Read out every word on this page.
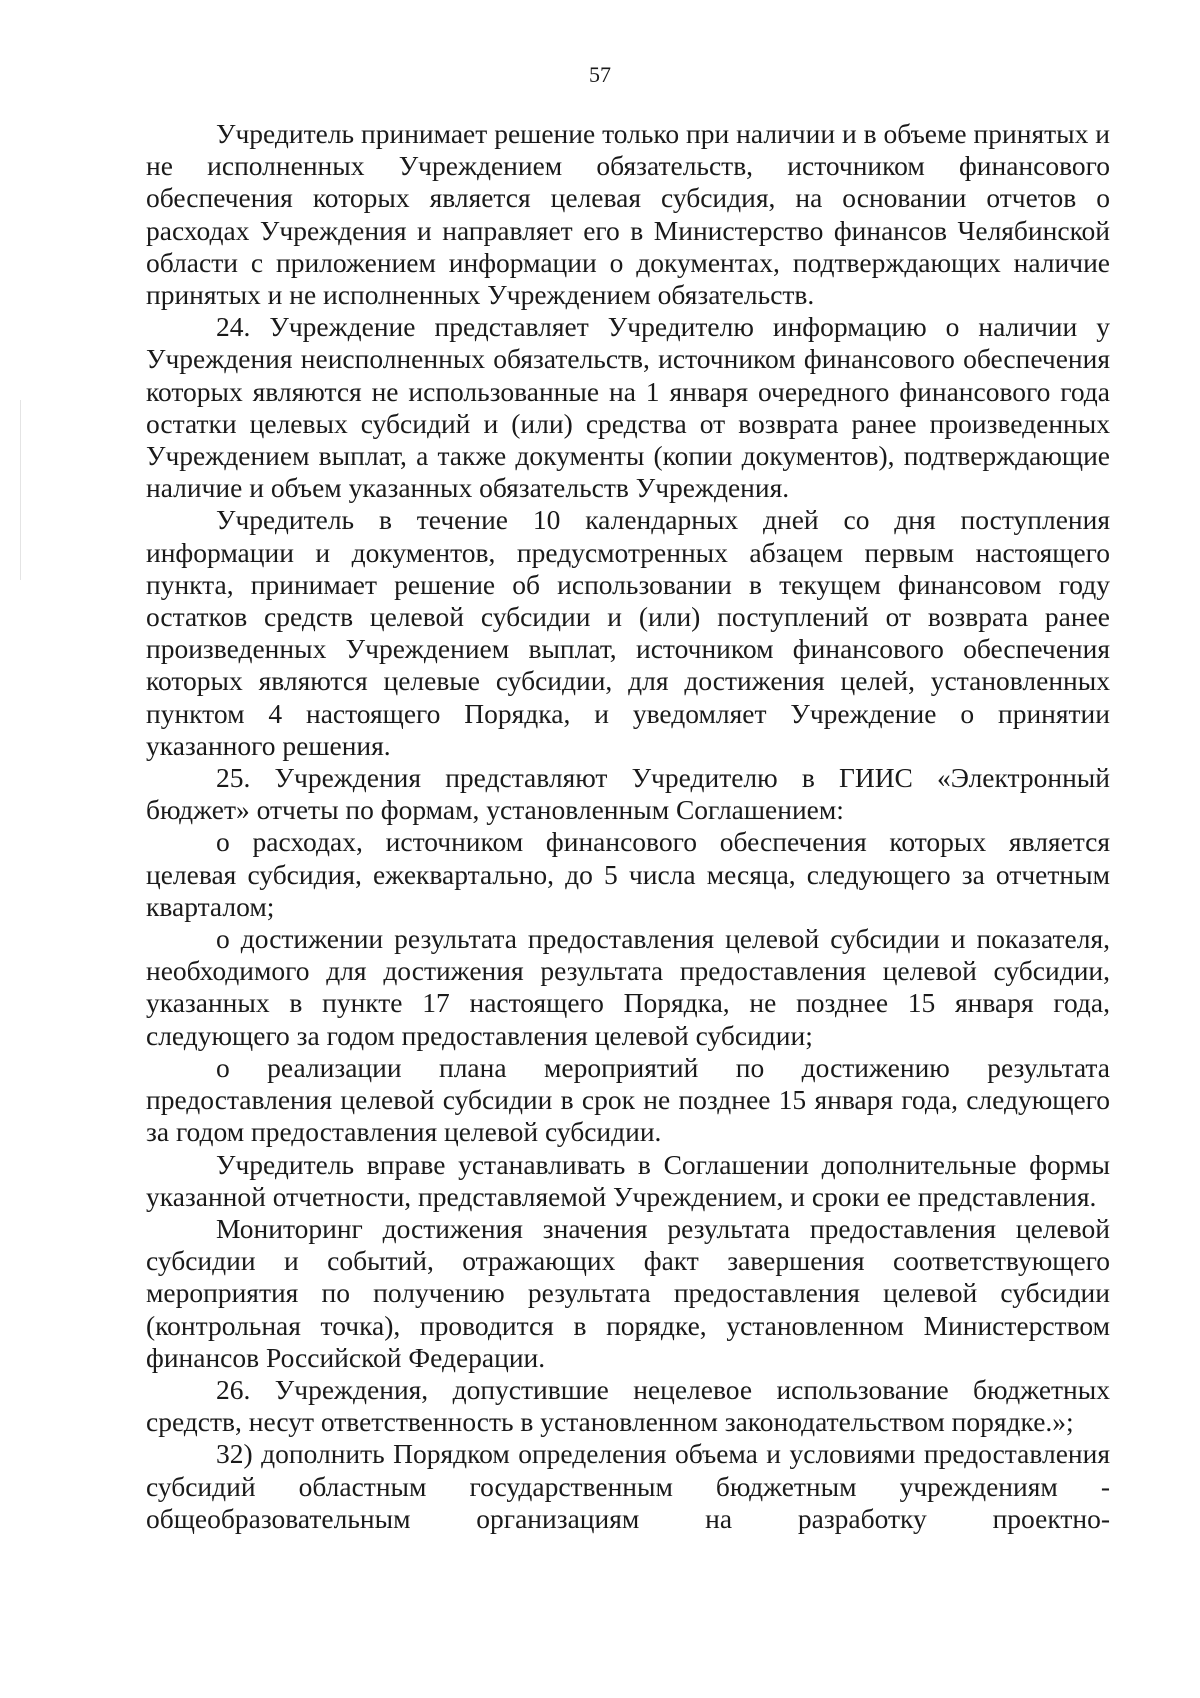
57

Учредитель принимает решение только при наличии и в объеме принятых и не исполненных Учреждением обязательств, источником финансового обеспечения которых является целевая субсидия, на основании отчетов о расходах Учреждения и направляет его в Министерство финансов Челябинской области с приложением информации о документах, подтверждающих наличие принятых и не исполненных Учреждением обязательств.

24. Учреждение представляет Учредителю информацию о наличии у Учреждения неисполненных обязательств, источником финансового обеспечения которых являются не использованные на 1 января очередного финансового года остатки целевых субсидий и (или) средства от возврата ранее произведенных Учреждением выплат, а также документы (копии документов), подтверждающие наличие и объем указанных обязательств Учреждения.

Учредитель в течение 10 календарных дней со дня поступления информации и документов, предусмотренных абзацем первым настоящего пункта, принимает решение об использовании в текущем финансовом году остатков средств целевой субсидии и (или) поступлений от возврата ранее произведенных Учреждением выплат, источником финансового обеспечения которых являются целевые субсидии, для достижения целей, установленных пунктом 4 настоящего Порядка, и уведомляет Учреждение о принятии указанного решения.

25. Учреждения представляют Учредителю в ГИИС «Электронный бюджет» отчеты по формам, установленным Соглашением:

о расходах, источником финансового обеспечения которых является целевая субсидия, ежеквартально, до 5 числа месяца, следующего за отчетным кварталом;

о достижении результата предоставления целевой субсидии и показателя, необходимого для достижения результата предоставления целевой субсидии, указанных в пункте 17 настоящего Порядка, не позднее 15 января года, следующего за годом предоставления целевой субсидии;

о реализации плана мероприятий по достижению результата предоставления целевой субсидии в срок не позднее 15 января года, следующего за годом предоставления целевой субсидии.

Учредитель вправе устанавливать в Соглашении дополнительные формы указанной отчетности, представляемой Учреждением, и сроки ее представления.

Мониторинг достижения значения результата предоставления целевой субсидии и событий, отражающих факт завершения соответствующего мероприятия по получению результата предоставления целевой субсидии (контрольная точка), проводится в порядке, установленном Министерством финансов Российской Федерации.

26. Учреждения, допустившие нецелевое использование бюджетных средств, несут ответственность в установленном законодательством порядке.»;

32) дополнить Порядком определения объема и условиями предоставления субсидий областным государственным бюджетным учреждениям - общеобразовательным организациям на разработку проектно-
